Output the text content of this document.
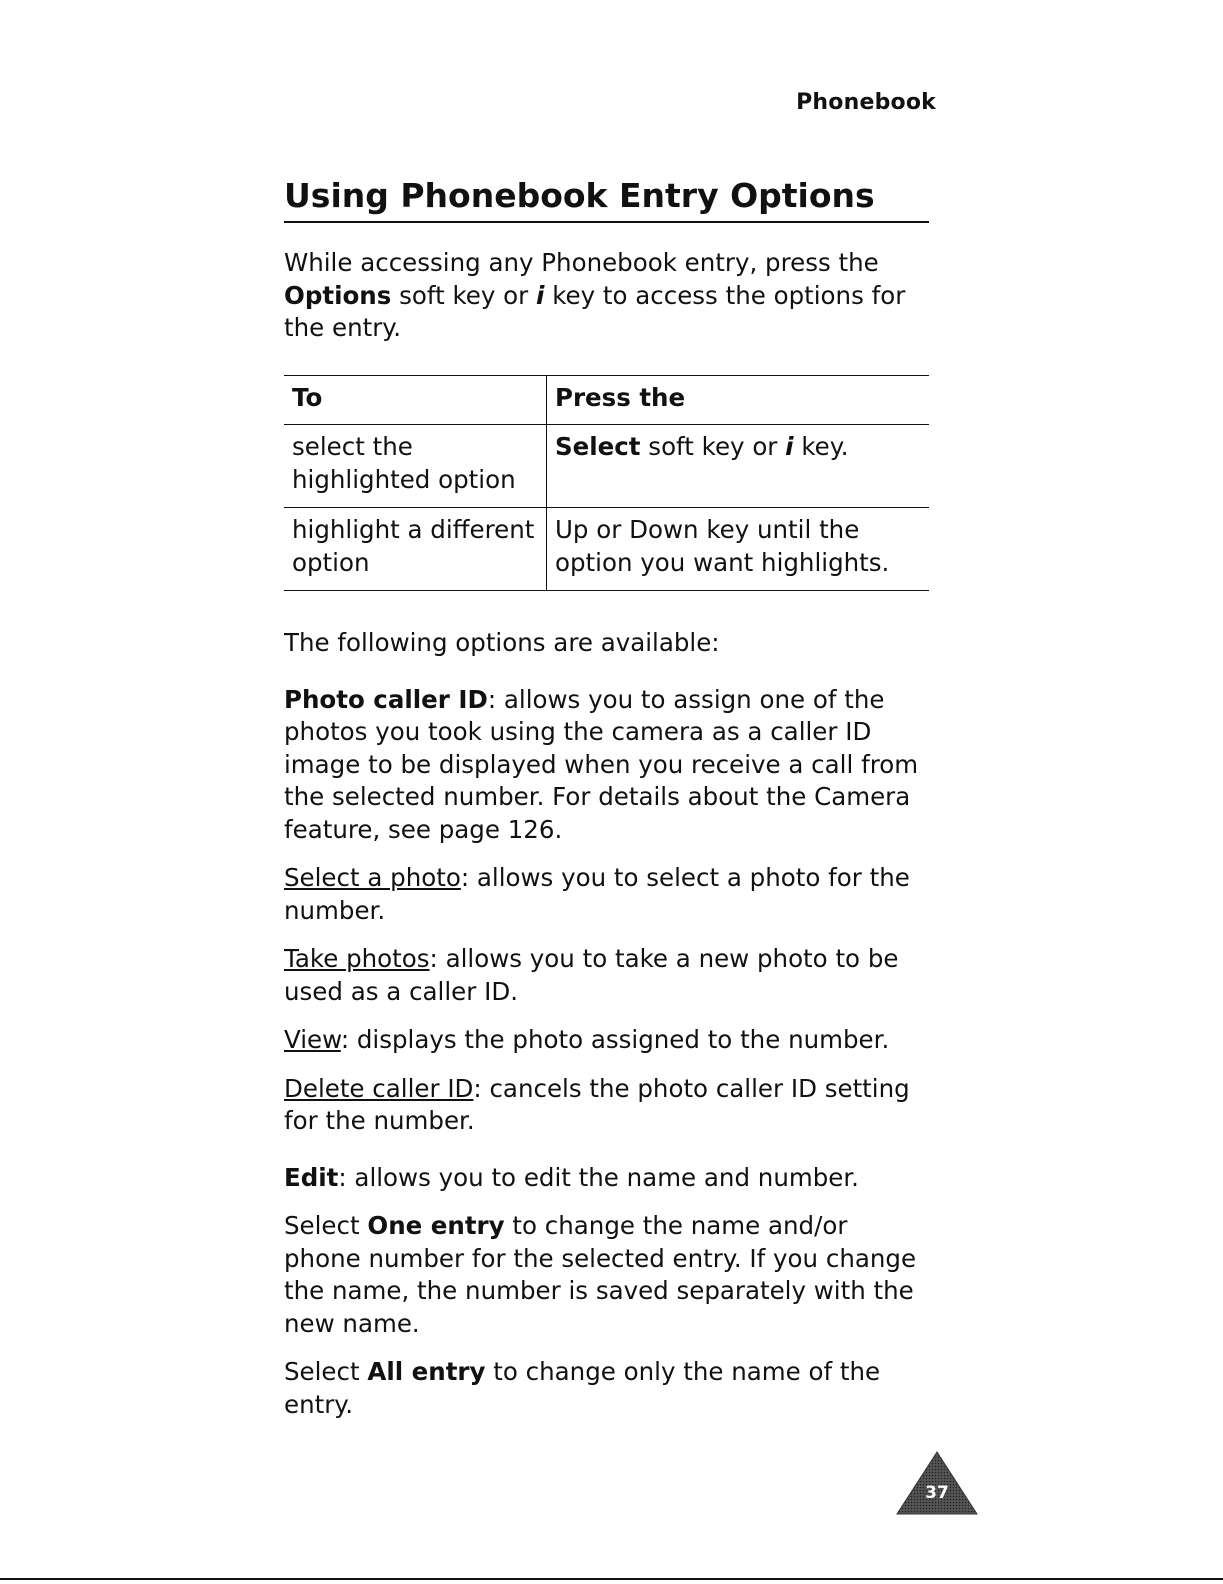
Phonebook
Using Phonebook Entry Options

While accessing any Phonebook entry, press the Options soft key or i key to access the options for the entry.

To	Press the
select the highlighted option	Select soft key or i key.
highlight a different option	Up or Down key until the option you want highlights.

The following options are available:

Photo caller ID: allows you to assign one of the photos you took using the camera as a caller ID image to be displayed when you receive a call from the selected number. For details about the Camera feature, see page 126.

Select a photo: allows you to select a photo for the number.

Take photos: allows you to take a new photo to be used as a caller ID.

View: displays the photo assigned to the number.

Delete caller ID: cancels the photo caller ID setting for the number.

Edit: allows you to edit the name and number.

Select One entry to change the name and/or phone number for the selected entry. If you change the name, the number is saved separately with the new name.

Select All entry to change only the name of the entry.

37
